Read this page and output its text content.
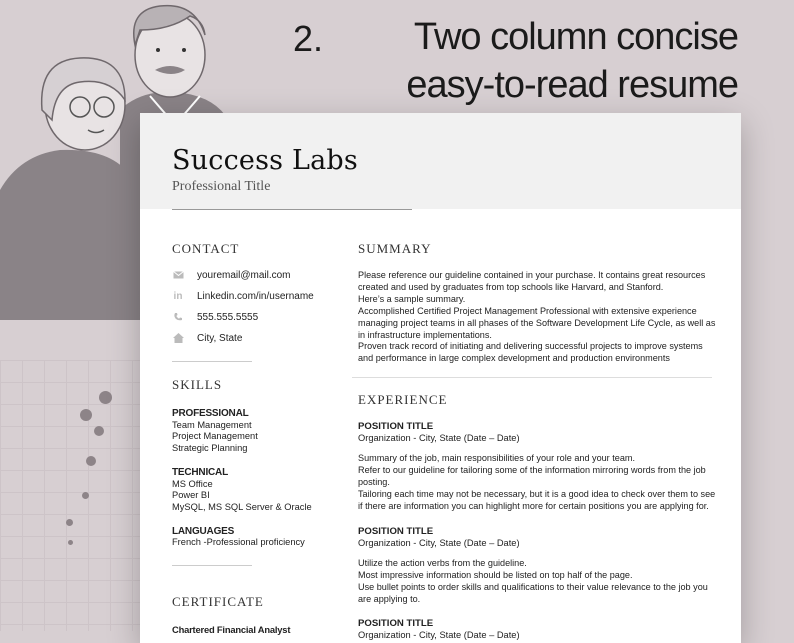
2. Two column concise
easy-to-read resume
Success Labs
Professional Title
CONTACT
youremail@mail.com
in Linkedin.com/in/username
555.555.5555
City, State
SKILLS
PROFESSIONAL
Team Management
Project Management
Strategic Planning
TECHNICAL
MS Office
Power BI
MySQL, MS SQL Server & Oracle
LANGUAGES
French -Professional proficiency
CERTIFICATE
Chartered Financial Analyst
SUMMARY
Please reference our guideline contained in your purchase. It contains great resources
created and used by graduates from top schools like Harvard, and Stanford.
Here’s a sample summary.
Accomplished Certified Project Management Professional with extensive experience
managing project teams in all phases of the Software Development Life Cycle, as well as
in infrastructure implementations.
Proven track record of initiating and delivering successful projects to improve systems
and performance in large complex development and production environments
EXPERIENCE
POSITION TITLE
Organization - City, State (Date – Date)
Summary of the job, main responsibilities of your role and your team.
Refer to our guideline for tailoring some of the information mirroring words from the job
posting.
Tailoring each time may not be necessary, but it is a good idea to check over them to see
if there are information you can highlight more for certain positions you are applying for.
POSITION TITLE
Organization - City, State (Date – Date)
Utilize the action verbs from the guideline.
Most impressive information should be listed on top half of the page.
Use bullet points to order skills and qualifications to their value relevance to the job you
are applying to.
POSITION TITLE
Organization - City, State (Date – Date)
